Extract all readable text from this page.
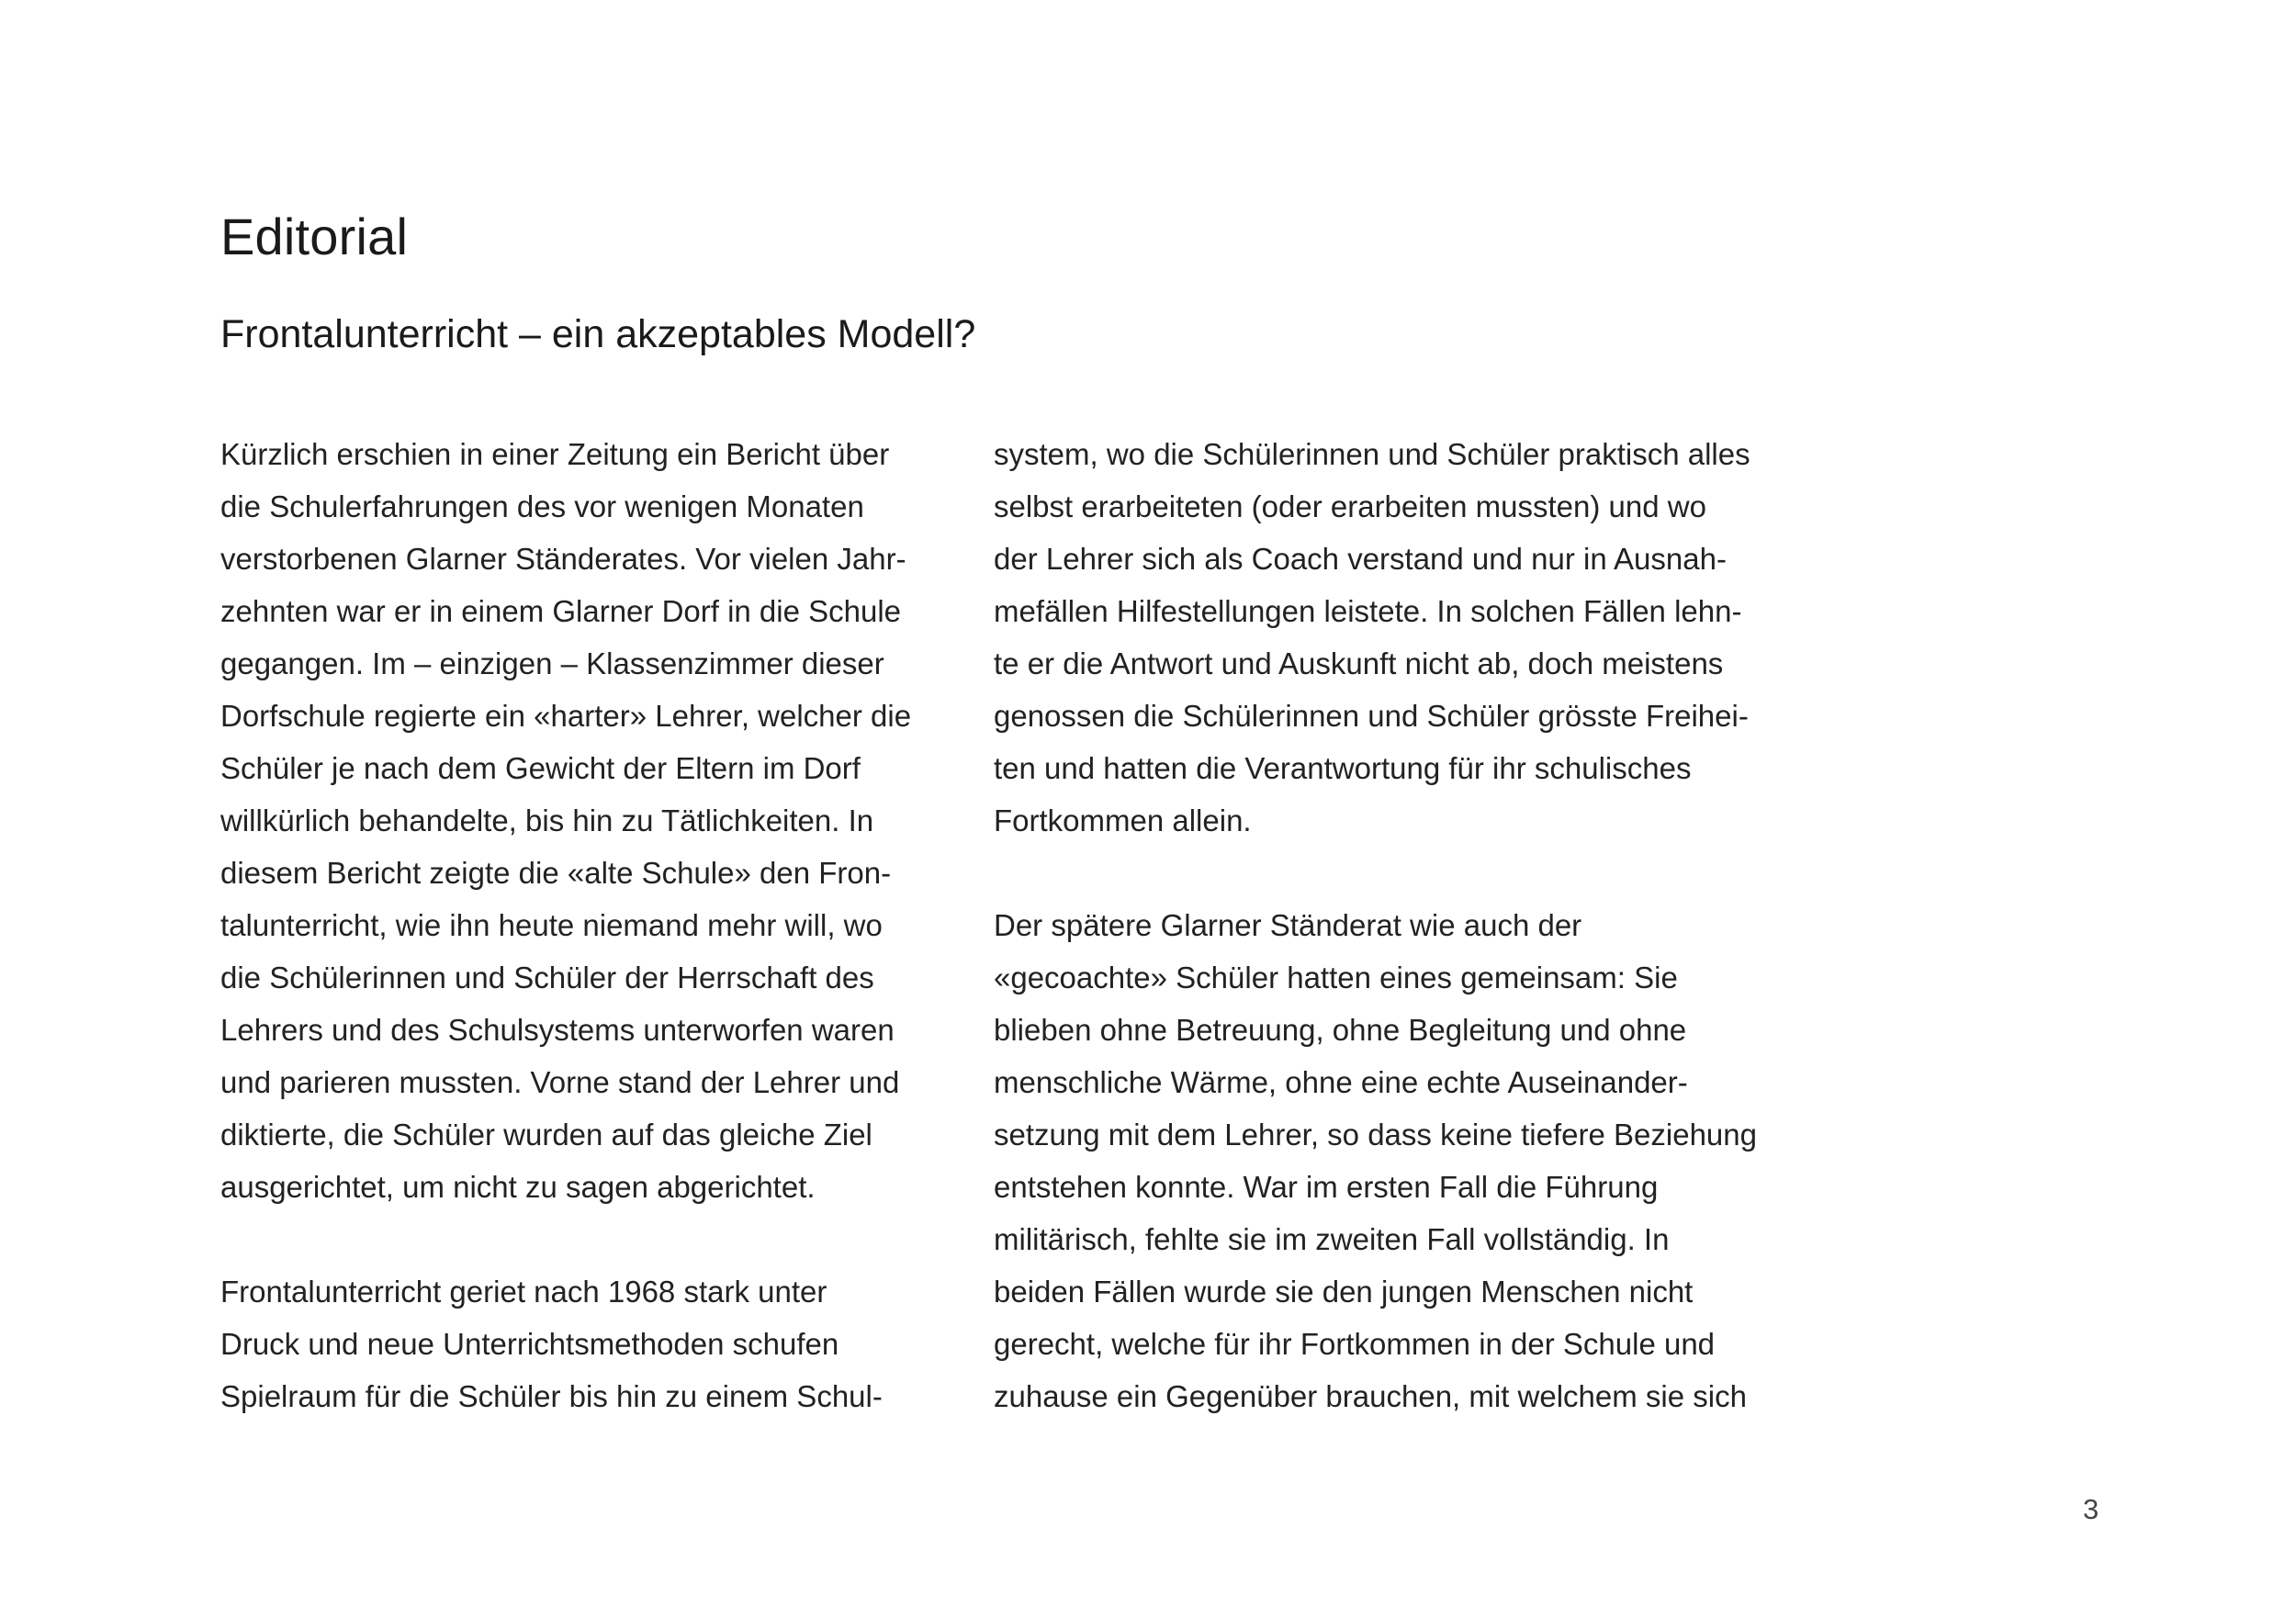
Editorial
Frontalunterricht – ein akzeptables Modell?

Kürzlich erschien in einer Zeitung ein Bericht über
die Schulerfahrungen des vor wenigen Monaten
verstorbenen Glarner Ständerates. Vor vielen Jahr-
zehnten war er in einem Glarner Dorf in die Schule
gegangen. Im – einzigen – Klassenzimmer dieser
Dorfschule regierte ein «harter» Lehrer, welcher die
Schüler je nach dem Gewicht der Eltern im Dorf
willkürlich behandelte, bis hin zu Tätlichkeiten. In
diesem Bericht zeigte die «alte Schule» den Fron-
talunterricht, wie ihn heute niemand mehr will, wo
die Schülerinnen und Schüler der Herrschaft des
Lehrers und des Schulsystems unterworfen waren
und parieren mussten. Vorne stand der Lehrer und
diktierte, die Schüler wurden auf das gleiche Ziel
ausgerichtet, um nicht zu sagen abgerichtet.

Frontalunterricht geriet nach 1968 stark unter
Druck und neue Unterrichtsmethoden schufen
Spielraum für die Schüler bis hin zu einem Schul-

system, wo die Schülerinnen und Schüler praktisch alles
selbst erarbeiteten (oder erarbeiten mussten) und wo
der Lehrer sich als Coach verstand und nur in Ausnah-
mefällen Hilfestellungen leistete. In solchen Fällen lehn-
te er die Antwort und Auskunft nicht ab, doch meistens
genossen die Schülerinnen und Schüler grösste Freihei-
ten und hatten die Verantwortung für ihr schulisches
Fortkommen allein.

Der spätere Glarner Ständerat wie auch der
«gecoachte» Schüler hatten eines gemeinsam: Sie
blieben ohne Betreuung, ohne Begleitung und ohne
menschliche Wärme, ohne eine echte Auseinander-
setzung mit dem Lehrer, so dass keine tiefere Beziehung
entstehen konnte. War im ersten Fall die Führung
militärisch, fehlte sie im zweiten Fall vollständig. In
beiden Fällen wurde sie den jungen Menschen nicht
gerecht, welche für ihr Fortkommen in der Schule und
zuhause ein Gegenüber brauchen, mit welchem sie sich

3
